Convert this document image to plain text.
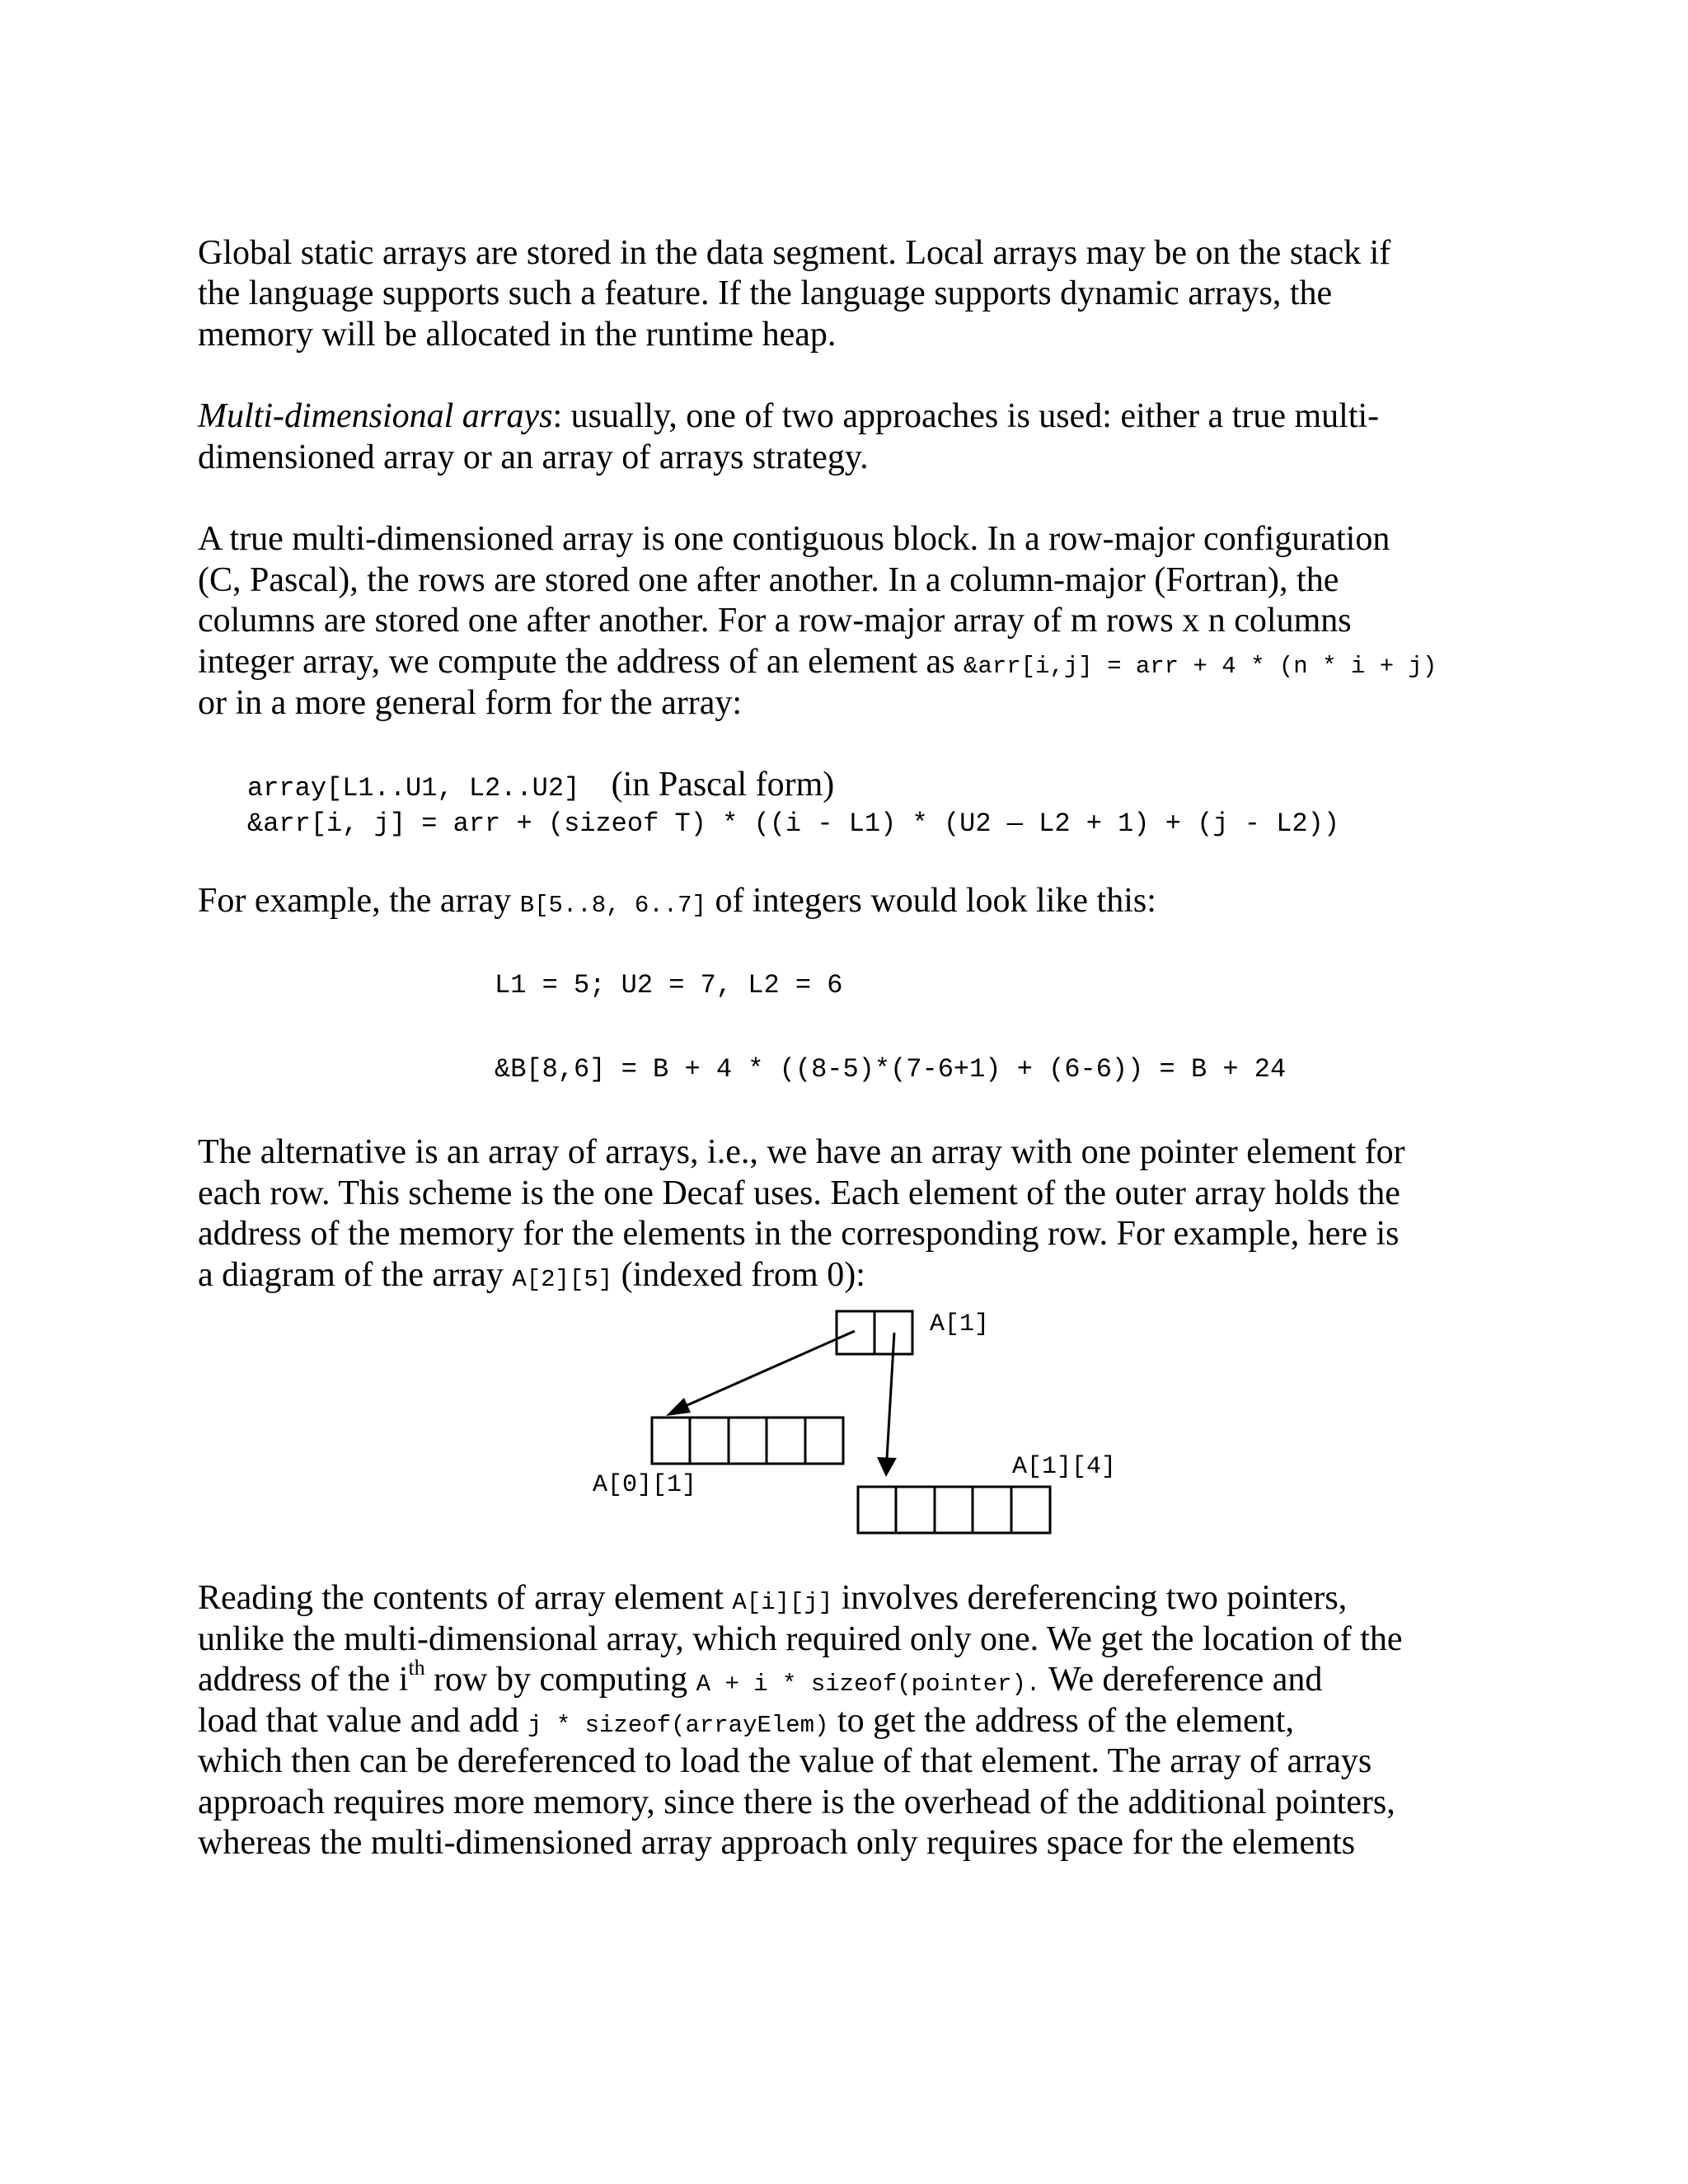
Global static arrays are stored in the data segment. Local arrays may be on the stack if
the language supports such a feature. If the language supports dynamic arrays, the
memory will be allocated in the runtime heap.
Multi-dimensional arrays: usually, one of two approaches is used: either a true multi-
dimensioned array or an array of arrays strategy.
A true multi-dimensioned array is one contiguous block. In a row-major configuration
(C, Pascal), the rows are stored one after another. In a column-major (Fortran), the
columns are stored one after another. For a row-major array of m rows x n columns
integer array, we compute the address of an element as &arr[i,j] = arr + 4 * (n * i + j)
or in a more general form for the array:
array[L1..U1, L2..U2] (in Pascal form)
&arr[i, j] = arr + (sizeof T) * ((i - L1) * (U2 — L2 + 1) + (j - L2))
For example, the array B[5..8, 6..7] of integers would look like this:
L1 = 5; U2 = 7, L2 = 6
&B[8,6] = B + 4 * ((8-5)*(7-6+1) + (6-6)) = B + 24
The alternative is an array of arrays, i.e., we have an array with one pointer element for
each row. This scheme is the one Decaf uses. Each element of the outer array holds the
address of the memory for the elements in the corresponding row. For example, here is
a diagram of the array A[2][5] (indexed from 0):
A[1]
A[0][1]
A[1][4]
Reading the contents of array element A[i][j] involves dereferencing two pointers,
unlike the multi-dimensional array, which required only one. We get the location of the
address of the $i^{th}$ row by computing A + i * sizeof(pointer). We dereference and
load that value and add j * sizeof(arrayElem) to get the address of the element,
which then can be dereferenced to load the value of that element. The array of arrays
approach requires more memory, since there is the overhead of the additional pointers,
whereas the multi-dimensioned array approach only requires space for the elements
